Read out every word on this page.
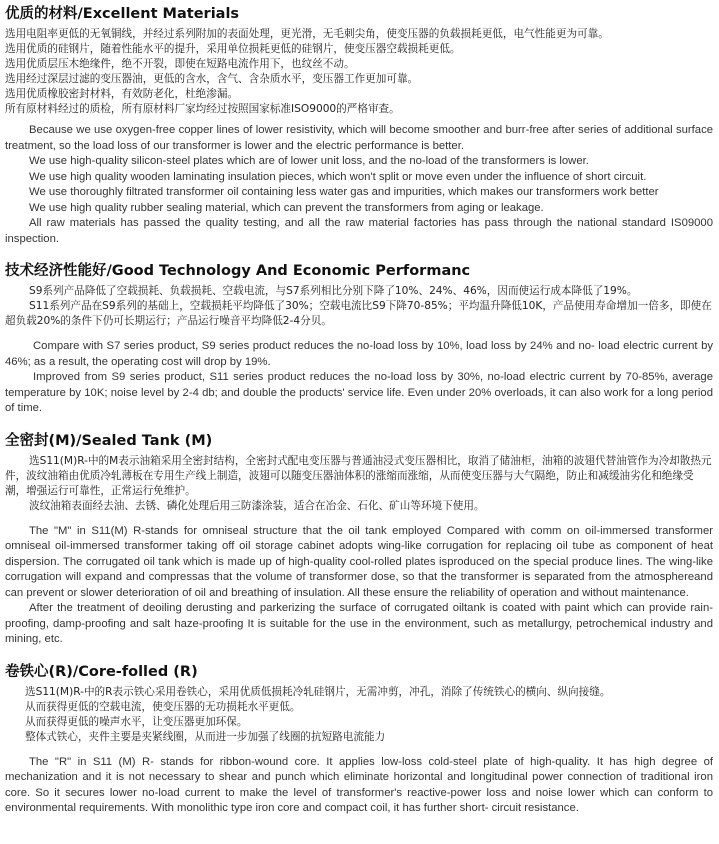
优质的材料/Excellent Materials

选用电阻率更低的无氧铜线，并经过系列附加的表面处理，更光滑，无毛刺尖角，使变压器的负载损耗更低，电气性能更为可靠。

选用优质的硅钢片，随着性能水平的提升，采用单位损耗更低的硅钢片，使变压器空载损耗更低。

选用优质层压木绝缘件，绝不开裂，即使在短路电流作用下，也纹丝不动。

选用经过深层过滤的变压器油，更低的含水，含气、含杂质水平，变压器工作更加可靠。

选用优质橡胶密封材料，有效防老化，杜绝渗漏。

所有原材料经过的质检，所有原材料厂家均经过按照国家标准ISO9000的严格审查。

Because we use oxygen-free copper lines of lower resistivity, which will become smoother and burr-free after series of additional surface treatment, so the load loss of our transformer is lower and the electric performance is better.

We use high-quality silicon-steel plates which are of lower unit loss, and the no-load of the transformers is lower.

We use high quality wooden laminating insulation pieces, which won't split or move even under the influence of short circuit.

We use thoroughly filtrated transformer oil containing less water gas and impurities, which makes our transformers work better

We use high quality rubber sealing material, which can prevent the transformers from aging or leakage.

All raw materials has passed the quality testing, and all the raw material factories has pass through the national standard IS09000 inspection.

技术经济性能好/Good Technology And Economic Performanc

S9系列产品降低了空载损耗、负载损耗、空载电流，与S7系列相比分别下降了10%、24%、46%，因而使运行成本降低了19%。

S11系列产品在S9系列的基础上，空载损耗平均降低了30%；空载电流比S9下降70-85%；平均温升降低10K，产品使用寿命增加一倍多，即使在超负载20%的条件下仍可长期运行；产品运行噪音平均降低2-4分贝。

Compare with S7 series product, S9 series product reduces the no-load loss by 10%, load loss by 24% and no- load electric current by 46%; as a result, the operating cost will drop by 19%.

Improved from S9 series product, S11 series product reduces the no-load loss by 30%, no-load electric current by 70-85%, average temperature by 10K; noise level by 2-4 db; and double the products' service life. Even under 20% overloads, it can also work for a long period of time.

全密封(M)/Sealed Tank (M)

选S11(M)R-中的M表示油箱采用全密封结构，全密封式配电变压器与普通油浸式变压器相比，取消了储油柜，油箱的波翅代替油管作为冷却散热元件，波纹油箱由优质冷轧薄板在专用生产线上制造，波翅可以随变压器油体积的涨缩而涨缩，从而使变压器与大气隔绝，防止和减缓油劣化和绝缘受潮，增强运行可靠性，正常运行免维护。

波纹油箱表面经去油、去锈、磷化处理后用三防漆涂装，适合在冶金、石化、矿山等环境下使用。

The "M" in S11(M) R-stands for omniseal structure that the oil tank employed Compared with comm on oil-immersed transformer omniseal oil-immersed transformer taking off oil storage cabinet adopts wing-like corrugation for replacing oil tube as component of heat dispersion. The corrugated oil tank which is made up of high-quality cool-rolled plates isproduced on the special produce lines. The wing-like corrugation will expand and compressas that the volume of transformer dose, so that the transformer is separated from the atmosphereand can prevent or slower deterioration of oil and breathing of insulation. All these ensure the reliability of operation and without maintenance.

After the treatment of deoiling derusting and parkerizing the surface of corrugated oiltank is coated with paint which can provide rain-proofing, damp-proofing and salt haze-proofing It is suitable for the use in the environment, such as metallurgy, petrochemical industry and mining, etc.

卷铁心(R)/Core-folled (R)

选S11(M)R-中的R表示铁心采用卷铁心，采用优质低损耗冷轧硅钢片，无需冲剪，冲孔，消除了传统铁心的横向、纵向接缝。

从而获得更低的空载电流，使变压器的无功损耗水平更低。

从而获得更低的噪声水平，让变压器更加环保。

整体式铁心，夹件主要是夹紧线圈，从而进一步加强了线圈的抗短路电流能力

The "R" in S11 (M) R- stands for ribbon-wound core. It applies low-loss cold-steel plate of high-quality. It has high degree of mechanization and it is not necessary to shear and punch which eliminate horizontal and longitudinal power connection of traditional iron core. So it secures lower no-load current to make the level of transformer's reactive-power loss and noise lower which can conform to environmental requirements. With monolithic type iron core and compact coil, it has further short- circuit resistance.
